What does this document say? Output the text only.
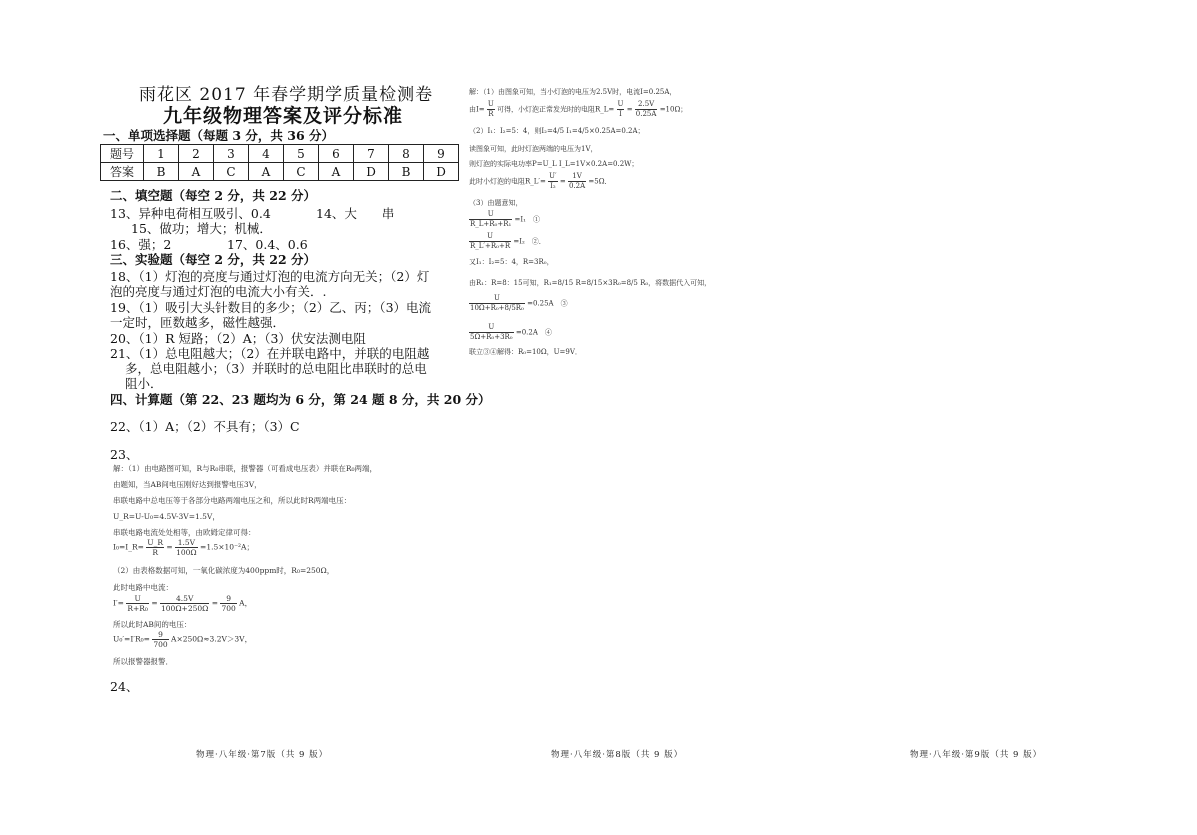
雨花区 2017 年春学期学质量检测卷
九年级物理答案及评分标准
一、单项选择题（每题 3 分，共 36 分）
题号	1	2	3	4	5	6	7	8	9
答案	B	A	C	A	C	A	D	B	D
二、填空题（每空 2 分，共 22 分）
13、异种电荷相互吸引、0.4	14、大　　串
15、做功；增大；机械．
16、强；2	17、0.4、0.6
三、实验题（每空 2 分，共 22 分）
18、（1）灯泡的亮度与通过灯泡的电流方向无关；（2）灯
泡的亮度与通过灯泡的电流大小有关．.
19、（1）吸引大头针数目的多少；（2）乙、丙；（3）电流
一定时，匝数越多，磁性越强．
20、（1）R 短路；（2）A；（3）伏安法测电阻
21、（1）总电阻越大；（2）在并联电路中，并联的电阻越
多，总电阻越小；（3）并联时的总电阻比串联时的总电
阻小．
四、计算题（第 22、23 题均为 6 分，第 24 题 8 分，共 20 分）
22、（1）A；（2）不具有；（3）C
23、
解：（1）由电路图可知，R与R₀串联，报警器（可看成电压表）并联在R₀两端，
由题知，当AB间电压刚好达到报警电压3V，
串联电路中总电压等于各部分电路两端电压之和，所以此时R两端电压：
U_R=U-U₀=4.5V-3V=1.5V，
串联电路电流处处相等，由欧姆定律可得：
I₀=I_R= $\frac{U\_R}{R} = \frac{1.5V}{100\Omega} =1.5\times 10^{-2}A$；
（2）由表格数据可知，一氧化碳浓度为400ppm时，R₀=250Ω，
此时电路中电流：
$I'= \frac{U}{\text{R+R₀}} = \frac{4.5V}{100\Omega+250\Omega} = \frac{9}{700}$ A，
所以此时AB间的电压：
$U_0'=I'R_0= \frac{9}{700} A\times 250\Omega\approx 3.2V>3V$，
所以报警器报警．
24、
解：（1）由图象可知，当小灯泡的电压为2.5V时，电流I=0.25A，
由$I= \frac{U}{R}$ 可得，小灯泡正常发光时的电阻R_L= $\frac{U}{I} = \frac{2.5V}{0.25A} =10\Omega$；
（2）I₁：I₂=5：4，则I₂=4/5 I₁=4/5×0.25A=0.2A；
读图象可知，此时灯泡两端的电压为1V，
则灯泡的实际电功率P=U_L I_L=1V×0.2A=0.2W；
此时小灯泡的电阻R_L′= $\frac{U'}{\text{I₂}} = \frac{1V}{0.2A} =5\Omega$．
（3）由题意知，
$\frac{U}{\text{R\_L+R₀+R₁}} =I_1$　①
$\frac{U}{\text{R\_L′+R₀+R}} =I_2$　②．
又I₁：I₂=5：4，R=3R₀，
由R₁：R=8：15可知，R₁=8/15 R=8/15×3R₀=8/5 R₀，将数据代入可知，
$\frac{U}{\text{10Ω+R₀+8/5R₀}} =0.25A$　③
$\frac{U}{\text{5Ω+R₀+3R₀}} =0.2A$　④
联立③④解得：R₀=10Ω，U=9V．
物理·八年级·第7版（共 9 版）	物理·八年级·第8版（共 9 版）	物理·八年级·第9版（共 9 版）
